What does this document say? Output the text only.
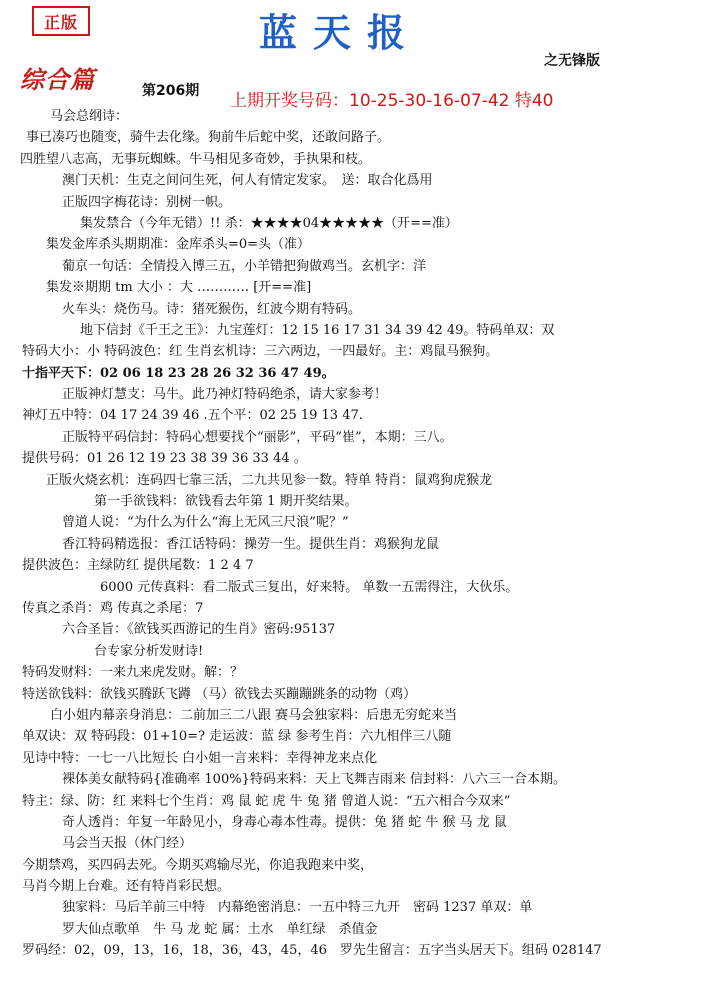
正版	蓝天报
之无锋版
综合篇	第206期 上期开奖号码：10-25-30-16-07-42 特40
马会总纲诗：
事已凑巧也随变，骑牛去化缘。狗前牛后蛇中奖，还敢问路子。
四胜望八志高，无事玩蜘蛛。牛马相见多奇妙，手执果和枝。
澳门天机：生克之间问生死，何人有情定发家。　送：取合化爲用
正版四字梅花诗：别树一帜。
集发禁合（今年无错）!! 杀：★★★★04★★★★★（开==准）
集发金库杀头期期准：金库杀头=0=头（准）
葡京一句话：全情投入博三五，小羊错把狗做鸡当。玄机字：洋
集发※期期 tm 大小 ：大 ………… [开==准]
火车头：烧伤马。诗：猪死猴伤，红波今期有特码。
地下信封《千王之王》：九宝莲灯：12 15 16 17 31 34 39 42 49。特码单双：双
特码大小：小 特码波色：红 生肖玄机诗：三六两边，一四最好。主：鸡鼠马猴狗。
十指平天下：02 06 18 23 28 26 32 36 47 49。
正版神灯慧支：马牛。此乃神灯特码绝杀，请大家参考！
神灯五中特：04 17 24 39 46 .五个平：02 25 19 13 47.
正版特平码信封：特码心想要找个“丽影”，平码“崔”，本期：三八。
提供号码：01 26 12 19 23 38 39 36 33 44 。
正版火烧玄机：连码四七靠三活，二九共见参一数。特单 特肖：鼠鸡狗虎猴龙
第一手欲钱料：欲钱看去年第 1 期开奖结果。
曾道人说：“为什么为什么“海上无风三尺浪”呢？”
香江特码精选报：香江话特码：操劳一生。提供生肖：鸡猴狗龙鼠
提供波色：主绿防红 提供尾数：1 2 4 7
6000 元传真料：看二版式三复出，好来特。 单数一五需得注，大伙乐。
传真之杀肖：鸡 传真之杀尾：7
六合圣旨：《欲钱买西游记的生肖》密码:95137
台专家分析发财诗!
特码发财料：一来九来虎发财。解：？
特送欲钱料：欲钱买腾跃飞蹲 （马）欲钱去买蹦蹦跳条的动物（鸡）
白小姐内幕亲身消息：二前加三二八跟 赛马会独家料：后患无穷蛇来当
单双诀：双 特码段：01+10=? 走运波：蓝 绿 参考生肖：六九相伴三八随
见诗中特：一七一八比短长 白小姐一言来料：幸得神龙来点化
裸体美女献特码{准确率 100%}特码来料：天上飞舞吉雨来 信封料：八六三一合本期。
特主：绿、防：红 来料七个生肖：鸡 鼠 蛇 虎 牛 兔 猪 曾道人说：“五六相合今双来”
奇人透肖：年复一年龄见小，身毒心毒本性毒。提供：兔 猪 蛇 牛 猴 马 龙 鼠
马会当天报（休门经）
今期禁鸡，买四码去死。今期买鸡输尽光，你追我跑来中奖，
马肖今期上台难。还有特肖彩民想。
独家料：马后羊前三中特　内幕绝密消息：一五中特三九开　密码 1237 单双：单
罗大仙点歌单　牛 马 龙 蛇 属：土水　单红绿　杀值金
罗码经：02，09，13，16，18，36，43，45，46　罗先生留言：五字当头居天下。组码 028147
